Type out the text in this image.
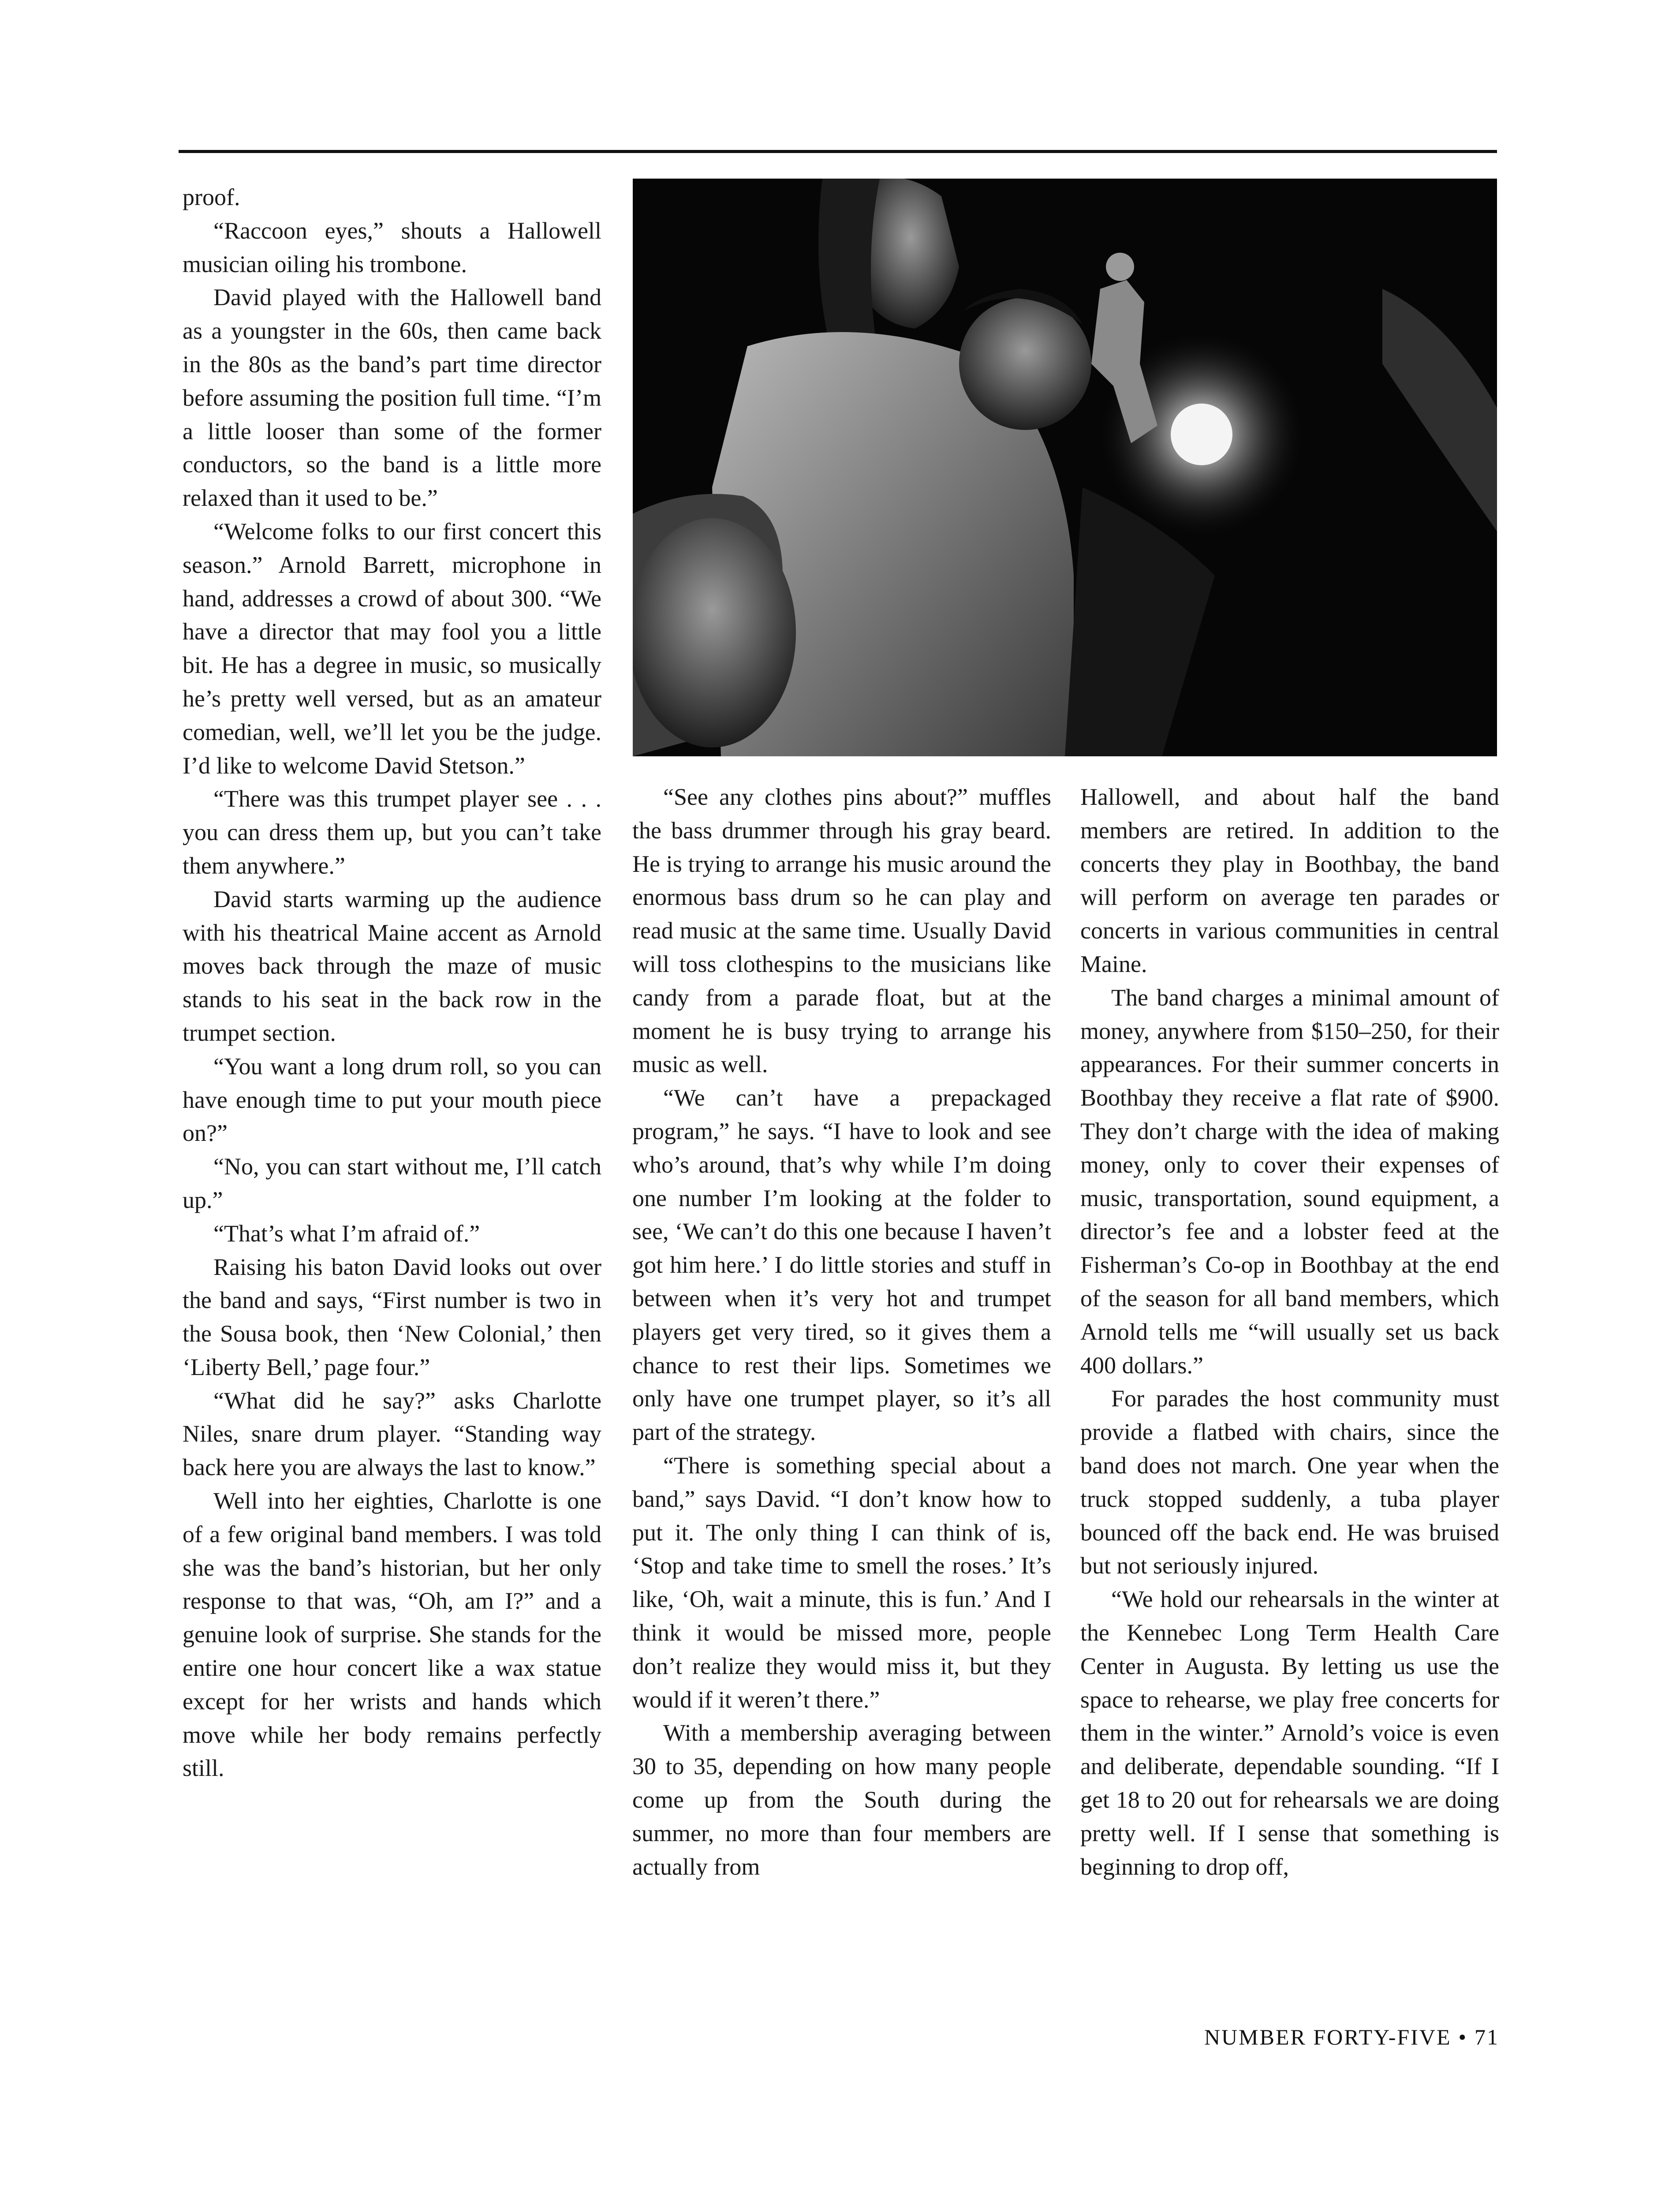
proof.

“Raccoon eyes,” shouts a Hallowell musician oiling his trombone.

David played with the Hallowell band as a youngster in the 60s, then came back in the 80s as the band’s part time director before assuming the position full time. “I’m a little looser than some of the former conductors, so the band is a little more relaxed than it used to be.”

“Welcome folks to our first concert this season.” Arnold Barrett, microphone in hand, addresses a crowd of about 300. “We have a director that may fool you a little bit. He has a degree in music, so musically he’s pretty well versed, but as an amateur comedian, well, we’ll let you be the judge. I’d like to welcome David Stetson.”

“There was this trumpet player see . . . you can dress them up, but you can’t take them anywhere.”

David starts warming up the audience with his theatrical Maine accent as Arnold moves back through the maze of music stands to his seat in the back row in the trumpet section.

“You want a long drum roll, so you can have enough time to put your mouth piece on?”

“No, you can start without me, I’ll catch up.”

“That’s what I’m afraid of.”

Raising his baton David looks out over the band and says, “First number is two in the Sousa book, then ‘New Colonial,’ then ‘Liberty Bell,’ page four.”

“What did he say?” asks Charlotte Niles, snare drum player. “Standing way back here you are always the last to know.”

Well into her eighties, Charlotte is one of a few original band members. I was told she was the band’s historian, but her only response to that was, “Oh, am I?” and a genuine look of surprise. She stands for the entire one hour concert like a wax statue except for her wrists and hands which move while her body remains perfectly still.

“See any clothes pins about?” muffles the bass drummer through his gray beard. He is trying to arrange his music around the enormous bass drum so he can play and read music at the same time. Usually David will toss clothespins to the musicians like candy from a parade float, but at the moment he is busy trying to arrange his music as well.

“We can’t have a prepackaged program,” he says. “I have to look and see who’s around, that’s why while I’m doing one number I’m looking at the folder to see, ‘We can’t do this one because I haven’t got him here.’ I do little stories and stuff in between when it’s very hot and trumpet players get very tired, so it gives them a chance to rest their lips. Sometimes we only have one trumpet player, so it’s all part of the strategy.

“There is something special about a band,” says David. “I don’t know how to put it. The only thing I can think of is, ‘Stop and take time to smell the roses.’ It’s like, ‘Oh, wait a minute, this is fun.’ And I think it would be missed more, people don’t realize they would miss it, but they would if it weren’t there.”

With a membership averaging between 30 to 35, depending on how many people come up from the South during the summer, no more than four members are actually from

Hallowell, and about half the band members are retired. In addition to the concerts they play in Boothbay, the band will perform on average ten parades or concerts in various communities in central Maine.

The band charges a minimal amount of money, anywhere from $150–250, for their appearances. For their summer concerts in Boothbay they receive a flat rate of $900. They don’t charge with the idea of making money, only to cover their expenses of music, transportation, sound equipment, a director’s fee and a lobster feed at the Fisherman’s Co-op in Boothbay at the end of the season for all band members, which Arnold tells me “will usually set us back 400 dollars.”

For parades the host community must provide a flatbed with chairs, since the band does not march. One year when the truck stopped suddenly, a tuba player bounced off the back end. He was bruised but not seriously injured.

“We hold our rehearsals in the winter at the Kennebec Long Term Health Care Center in Augusta. By letting us use the space to rehearse, we play free concerts for them in the winter.” Arnold’s voice is even and deliberate, dependable sounding. “If I get 18 to 20 out for rehearsals we are doing pretty well. If I sense that something is beginning to drop off,

NUMBER FORTY-FIVE • 71
